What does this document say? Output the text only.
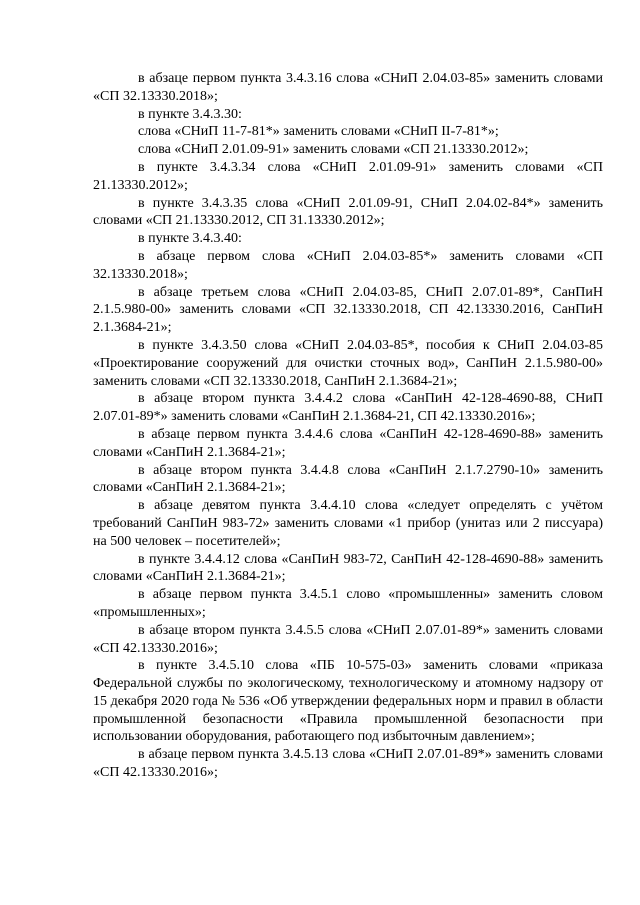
в абзаце первом пункта 3.4.3.16 слова «СНиП 2.04.03-85» заменить словами «СП 32.13330.2018»;

в пункте 3.4.3.30:

слова «СНиП 11-7-81*» заменить словами «СНиП II-7-81*»;

слова «СНиП 2.01.09-91» заменить словами «СП 21.13330.2012»;

в пункте 3.4.3.34 слова «СНиП 2.01.09-91» заменить словами «СП 21.13330.2012»;

в пункте 3.4.3.35 слова «СНиП 2.01.09-91, СНиП 2.04.02-84*» заменить словами «СП 21.13330.2012, СП 31.13330.2012»;

в пункте 3.4.3.40:

в абзаце первом слова «СНиП 2.04.03-85*» заменить словами «СП 32.13330.2018»;

в абзаце третьем слова «СНиП 2.04.03-85, СНиП 2.07.01-89*, СанПиН 2.1.5.980-00» заменить словами «СП 32.13330.2018, СП 42.13330.2016, СанПиН 2.1.3684-21»;

в пункте 3.4.3.50 слова «СНиП 2.04.03-85*, пособия к СНиП 2.04.03-85 «Проектирование сооружений для очистки сточных вод», СанПиН 2.1.5.980-00» заменить словами «СП 32.13330.2018, СанПиН 2.1.3684-21»;

в абзаце втором пункта 3.4.4.2 слова «СанПиН 42-128-4690-88, СНиП 2.07.01-89*» заменить словами «СанПиН 2.1.3684-21, СП 42.13330.2016»;

в абзаце первом пункта 3.4.4.6 слова «СанПиН 42-128-4690-88» заменить словами «СанПиН 2.1.3684-21»;

в абзаце втором пункта 3.4.4.8 слова «СанПиН 2.1.7.2790-10» заменить словами «СанПиН 2.1.3684-21»;

в абзаце девятом пункта 3.4.4.10 слова «следует определять с учётом требований СанПиН 983-72» заменить словами «1 прибор (унитаз или 2 писсуара) на 500 человек – посетителей»;

в пункте 3.4.4.12 слова «СанПиН 983-72, СанПиН 42-128-4690-88» заменить словами «СанПиН 2.1.3684-21»;

в абзаце первом пункта 3.4.5.1 слово «промышленны» заменить словом «промышленных»;

в абзаце втором пункта 3.4.5.5 слова «СНиП 2.07.01-89*» заменить словами «СП 42.13330.2016»;

в пункте 3.4.5.10 слова «ПБ 10-575-03» заменить словами «приказа Федеральной службы по экологическому, технологическому и атомному надзору от 15 декабря 2020 года № 536 «Об утверждении федеральных норм и правил в области промышленной безопасности «Правила промышленной безопасности при использовании оборудования, работающего под избыточным давлением»;

в абзаце первом пункта 3.4.5.13 слова «СНиП 2.07.01-89*» заменить словами «СП 42.13330.2016»;
